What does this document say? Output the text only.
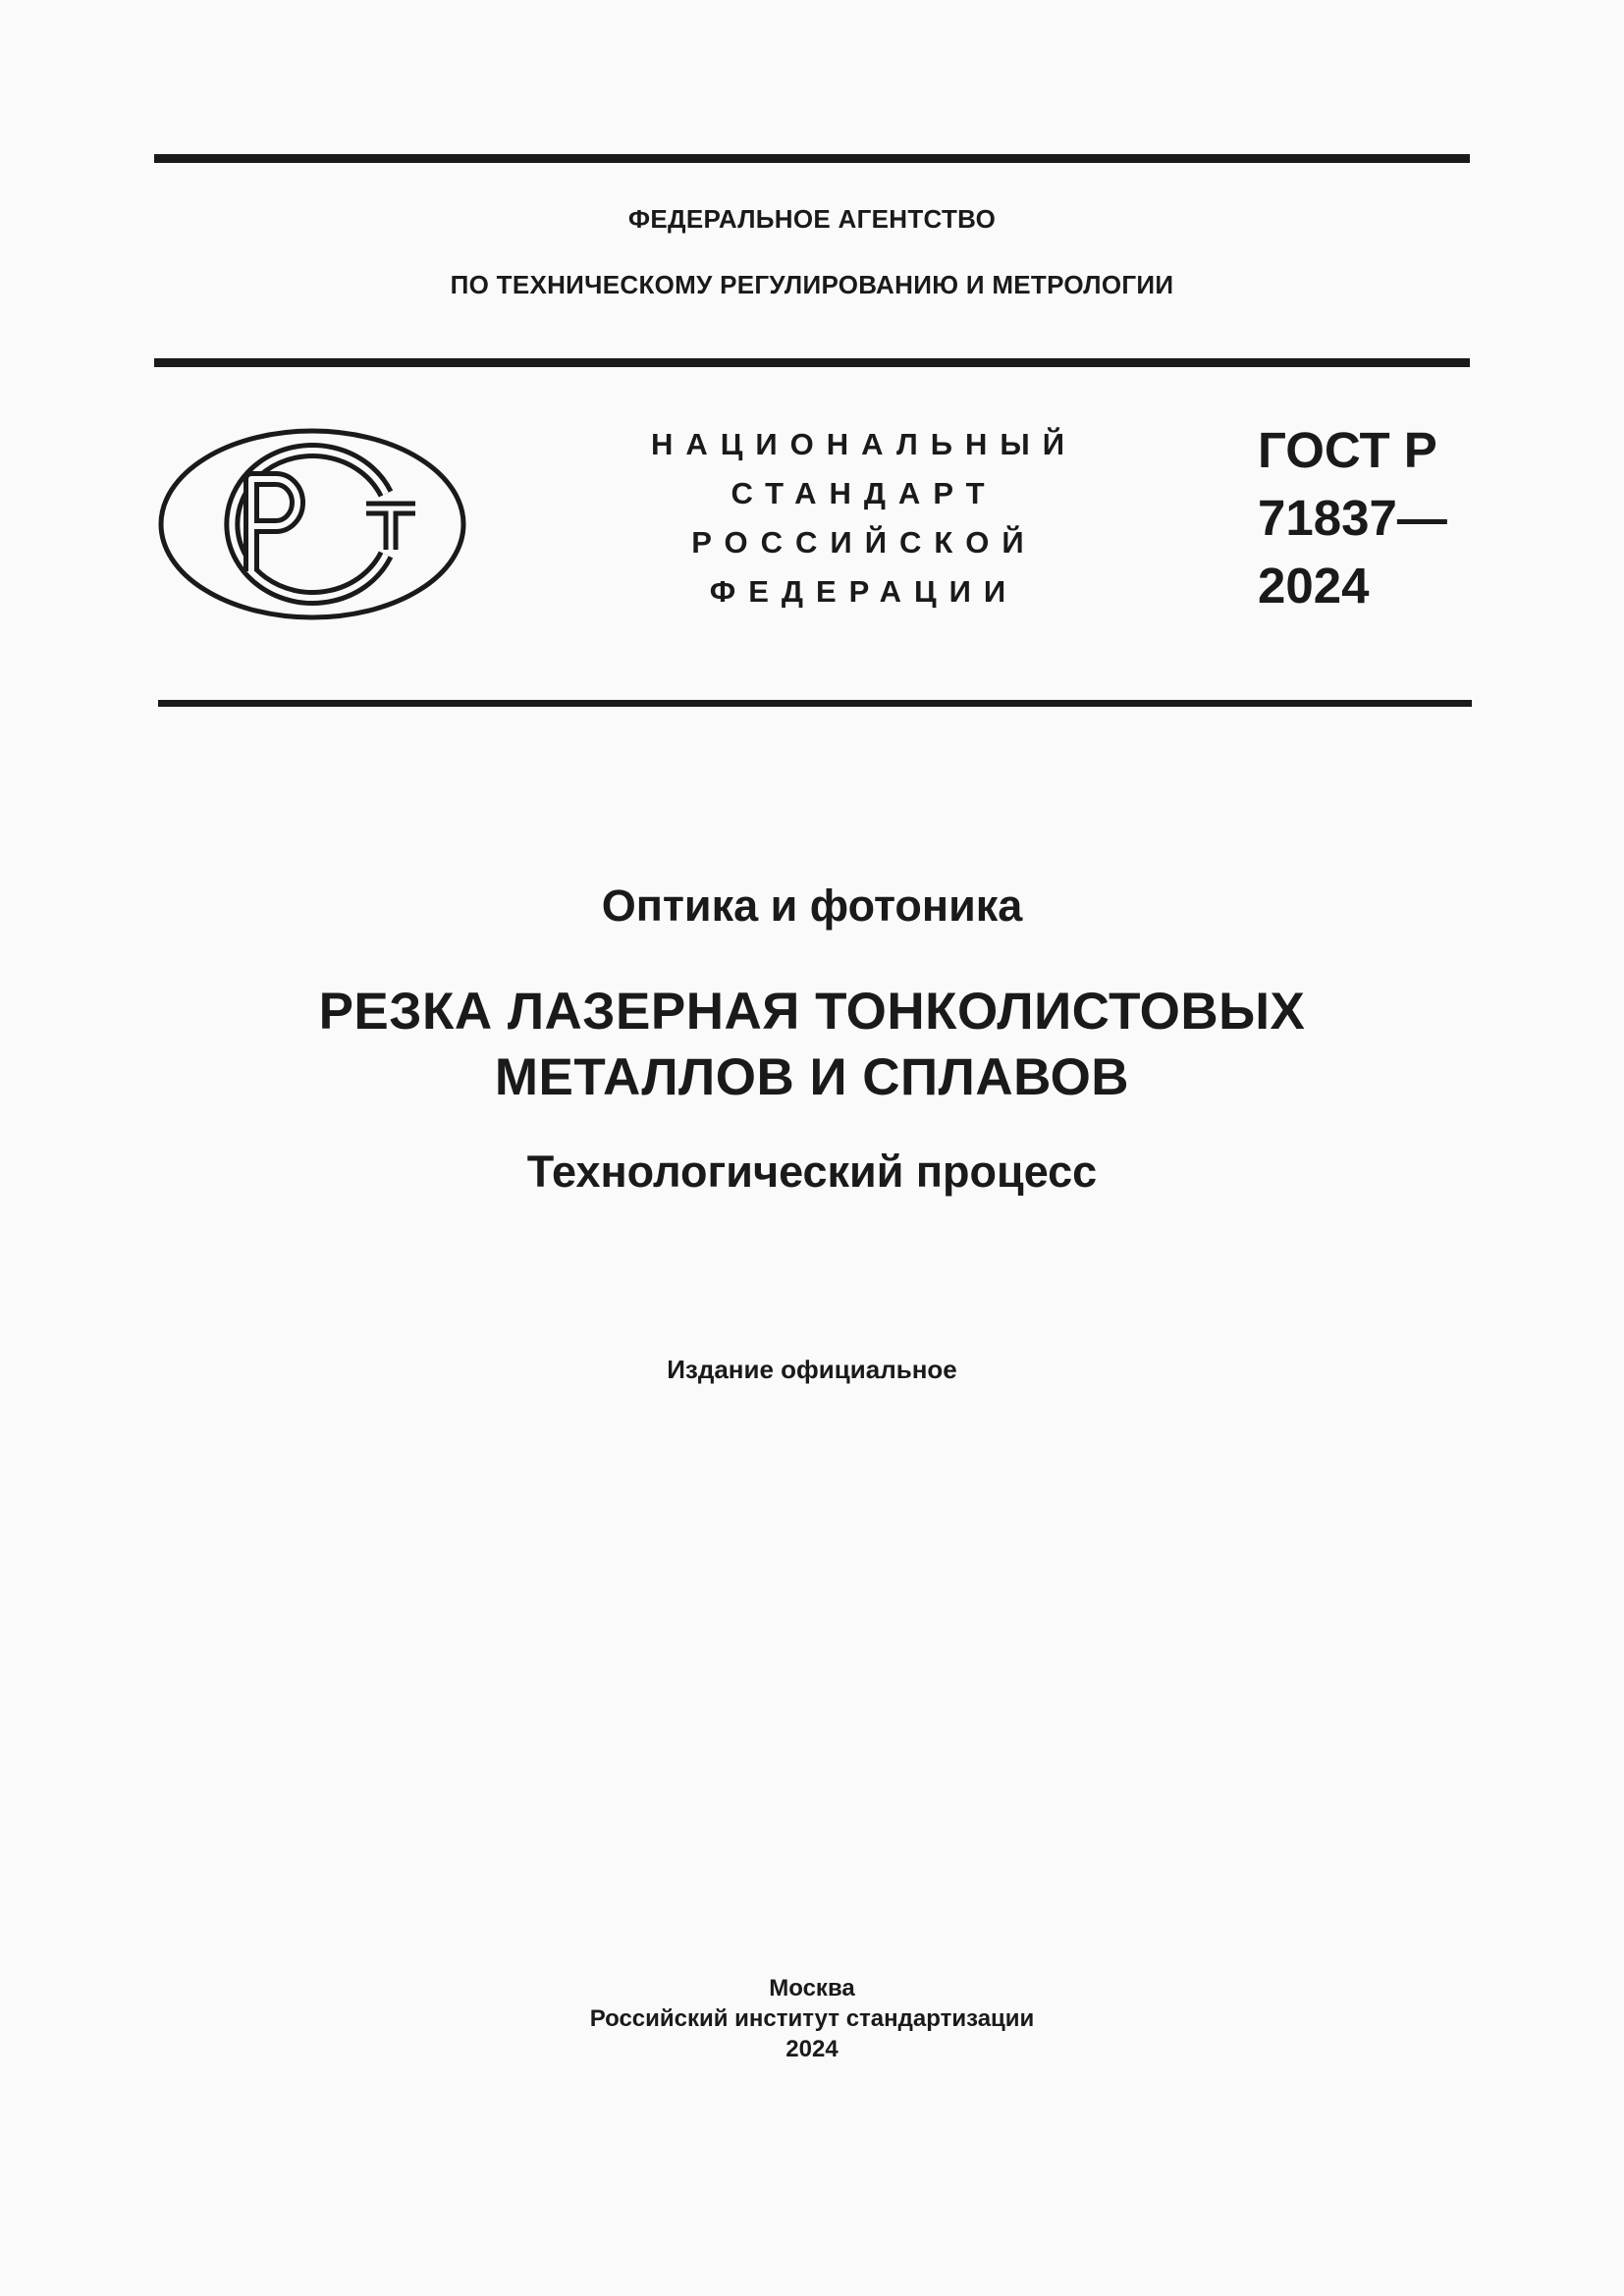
ФЕДЕРАЛЬНОЕ АГЕНТСТВО
ПО ТЕХНИЧЕСКОМУ РЕГУЛИРОВАНИЮ И МЕТРОЛОГИИ
НАЦИОНАЛЬНЫЙ
СТАНДАРТ
РОССИЙСКОЙ
ФЕДЕРАЦИИ
ГОСТ Р
71837—
2024
Оптика и фотоника
РЕЗКА ЛАЗЕРНАЯ ТОНКОЛИСТОВЫХ
МЕТАЛЛОВ И СПЛАВОВ
Технологический процесс
Издание официальное
Москва
Российский институт стандартизации
2024
